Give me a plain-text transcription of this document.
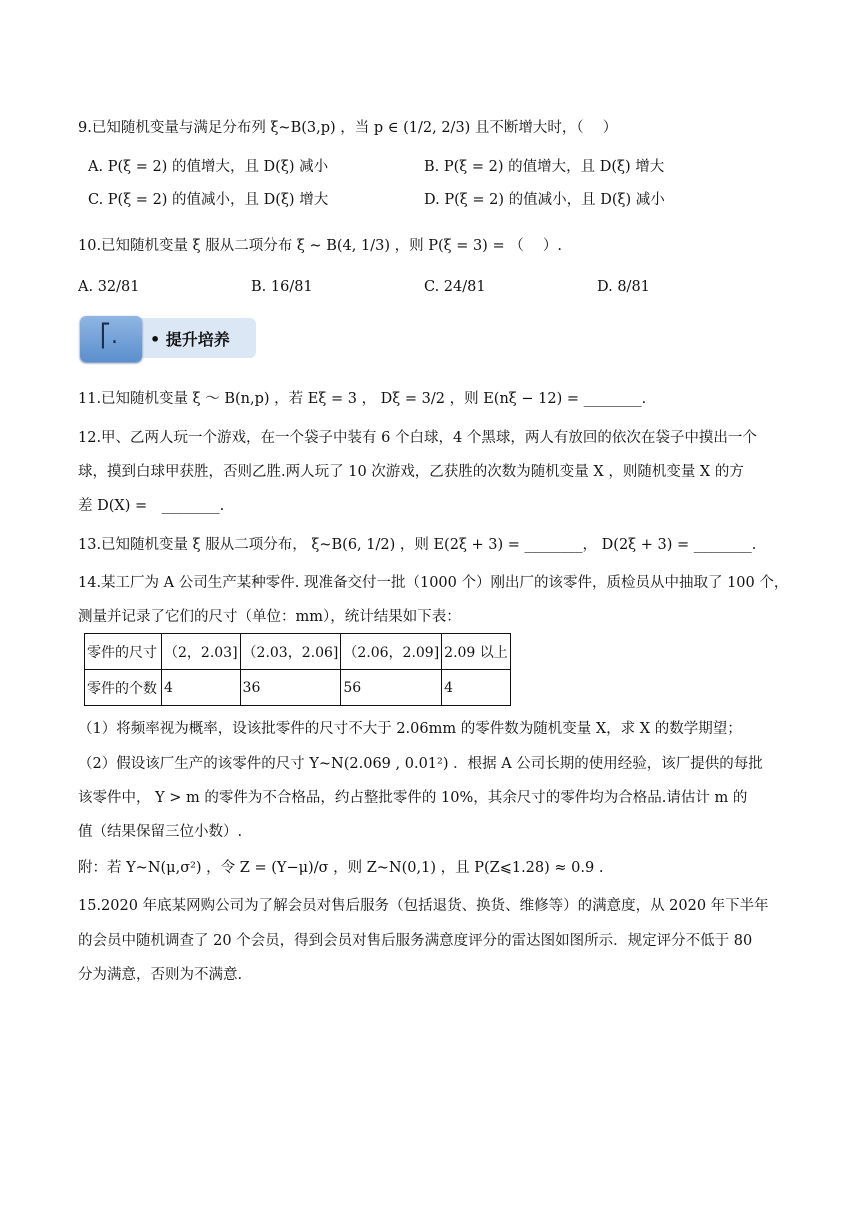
9.已知随机变量与满足分布列 ξ~B(3,p) ，当 p ∈ (1/2, 2/3) 且不断增大时，（　 ）
A. P(ξ = 2) 的值增大，且 D(ξ) 减小	B. P(ξ = 2) 的值增大，且 D(ξ) 增大
C. P(ξ = 2) 的值减小，且 D(ξ) 增大	D. P(ξ = 2) 的值减小，且 D(ξ) 减小
10.已知随机变量 ξ 服从二项分布 ξ ~ B(4, 1/3) ，则 P(ξ = 3) = （　 ）.
A. 32/81	B. 16/81	C. 24/81	D. 8/81
⎡. • 提升培养
11.已知随机变量 ξ ～ B(n,p) ，若 Eξ = 3 ， Dξ = 3/2 ，则 E(nξ − 12) = ________.
12.甲、乙两人玩一个游戏，在一个袋子中装有 6 个白球，4 个黑球，两人有放回的依次在袋子中摸出一个
球，摸到白球甲获胜，否则乙胜.两人玩了 10 次游戏，乙获胜的次数为随机变量 X ，则随机变量 X 的方
差 D(X) =　________.
13.已知随机变量 ξ 服从二项分布， ξ~B(6, 1/2) ，则 E(2ξ + 3) = ________， D(2ξ + 3) = ________.
14.某工厂为 A 公司生产某种零件. 现准备交付一批（1000 个）刚出厂的该零件，质检员从中抽取了 100 个，
测量并记录了它们的尺寸（单位：mm），统计结果如下表：
零件的尺寸	（2，2.03]	（2.03，2.06]	（2.06，2.09]	2.09 以上
零件的个数	4	36	56	4
（1）将频率视为概率，设该批零件的尺寸不大于 2.06mm 的零件数为随机变量 X，求 X 的数学期望；
（2）假设该厂生产的该零件的尺寸 Y~N(2.069 , 0.01²) ．根据 A 公司长期的使用经验，该厂提供的每批
该零件中， Y > m 的零件为不合格品，约占整批零件的 10%，其余尺寸的零件均为合格品.请估计 m 的
值（结果保留三位小数）.
附：若 Y~N(μ,σ²) ，令 Z = (Y−μ)/σ ，则 Z~N(0,1) ，且 P(Z⩽1.28) ≈ 0.9 .
15.2020 年底某网购公司为了解会员对售后服务（包括退货、换货、维修等）的满意度，从 2020 年下半年
的会员中随机调查了 20 个会员，得到会员对售后服务满意度评分的雷达图如图所示．规定评分不低于 80
分为满意，否则为不满意.
